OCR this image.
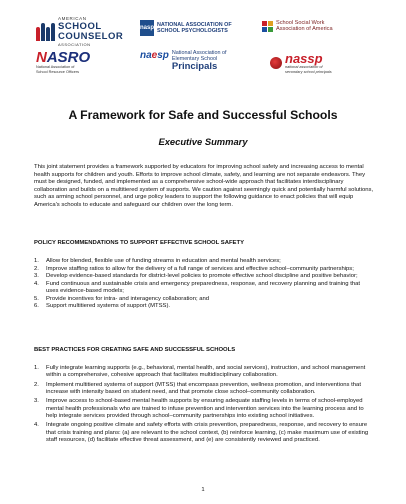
AMERICAN
SCHOOL
COUNSELOR
ASSOCIATION
nasp NATIONAL ASSOCIATION OF
SCHOOL PSYCHOLOGISTS
School Social Work
Association of America
NASRO
National Association of
School Resource Officers
naesp National Association of
Elementary School
Principals
nassp
national association of
secondary school principals
A Framework for Safe and Successful Schools
Executive Summary

This joint statement provides a framework supported by educators for improving school safety and increasing access to mental health supports for children and youth. Efforts to improve school climate, safety, and learning are not separate endeavors. They must be designed, funded, and implemented as a comprehensive school-wide approach that facilitates interdisciplinary collaboration and builds on a multitiered system of supports. We caution against seemingly quick and potentially harmful solutions, such as arming school personnel, and urge policy leaders to support the following guidance to enact policies that will equip America’s schools to educate and safeguard our children over the long term.

POLICY RECOMMENDATIONS TO SUPPORT EFFECTIVE SCHOOL SAFETY
1.	Allow for blended, flexible use of funding streams in education and mental health services;
2.	Improve staffing ratios to allow for the delivery of a full range of services and effective school–community partnerships;
3.	Develop evidence-based standards for district-level policies to promote effective school discipline and positive behavior;
4.	Fund continuous and sustainable crisis and emergency preparedness, response, and recovery planning and training that uses evidence-based models;
5.	Provide incentives for intra- and interagency collaboration; and
6.	Support multitiered systems of support (MTSS).
BEST PRACTICES FOR CREATING SAFE AND SUCCESSFUL SCHOOLS
1.	Fully integrate learning supports (e.g., behavioral, mental health, and social services), instruction, and school management within a comprehensive, cohesive approach that facilitates multidisciplinary collaboration.
2.	Implement multitiered systems of support (MTSS) that encompass prevention, wellness promotion, and interventions that increase with intensity based on student need, and that promote close school–community collaboration.
3.	Improve access to school-based mental health supports by ensuring adequate staffing levels in terms of school-employed mental health professionals who are trained to infuse prevention and intervention services into the learning process and to help integrate services provided through school–community partnerships into existing school initiatives.
4.	Integrate ongoing positive climate and safety efforts with crisis prevention, preparedness, response, and recovery to ensure that crisis training and plans: (a) are relevant to the school context, (b) reinforce learning, (c) make maximum use of existing staff resources, (d) facilitate effective threat assessment, and (e) are consistently reviewed and practiced.

1
